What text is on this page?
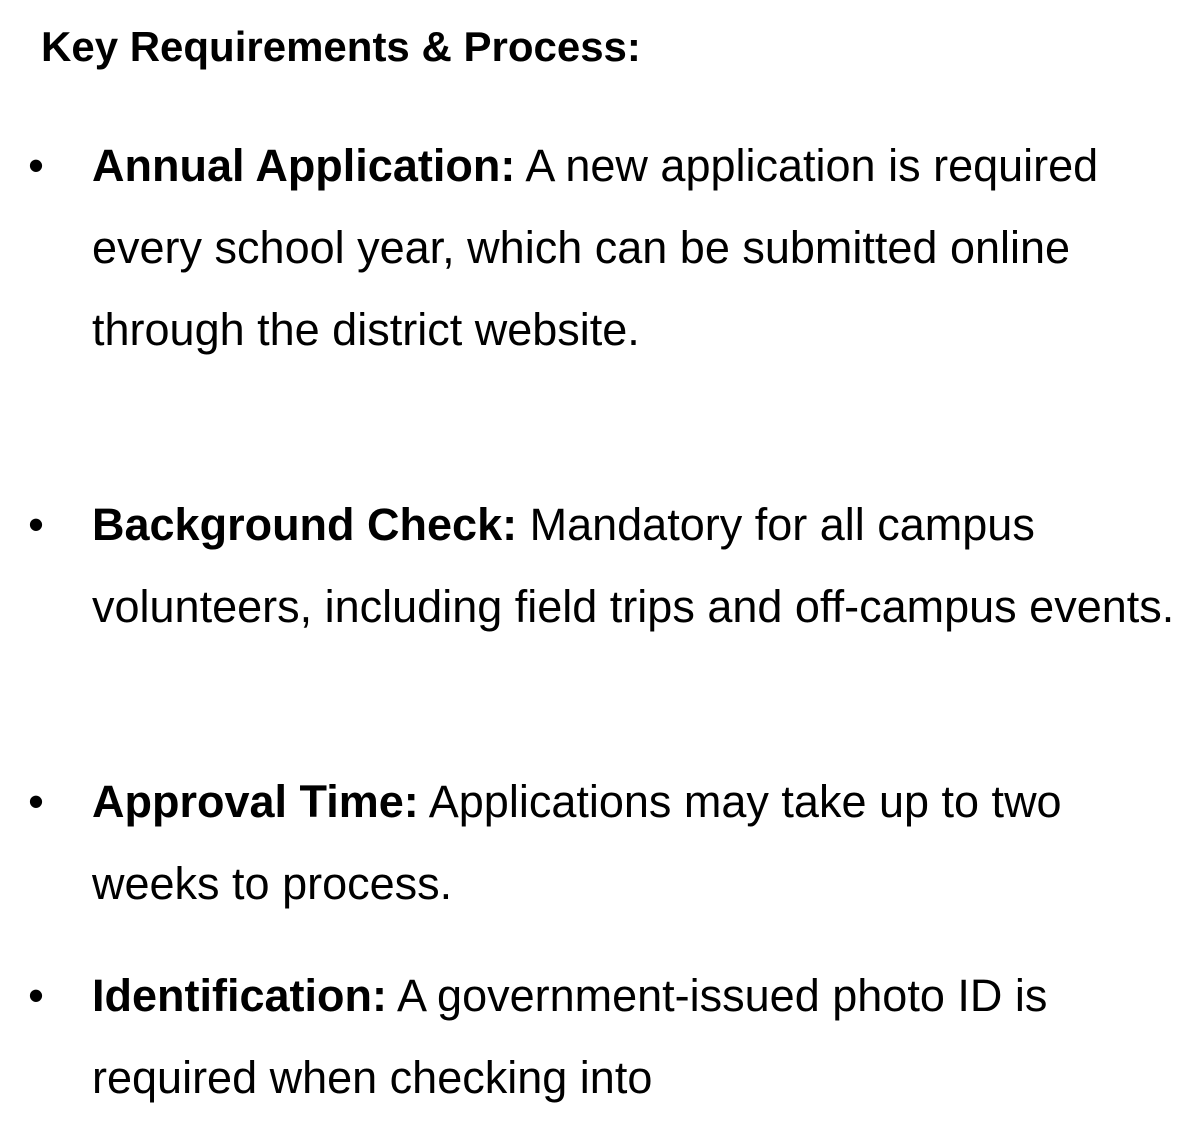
Key Requirements & Process:
• Annual Application: A new application is required every school year, which can be submitted online through the district website.
• Background Check: Mandatory for all campus volunteers, including field trips and off-campus events.
• Approval Time: Applications may take up to two weeks to process.
• Identification: A government-issued photo ID is required when checking into
